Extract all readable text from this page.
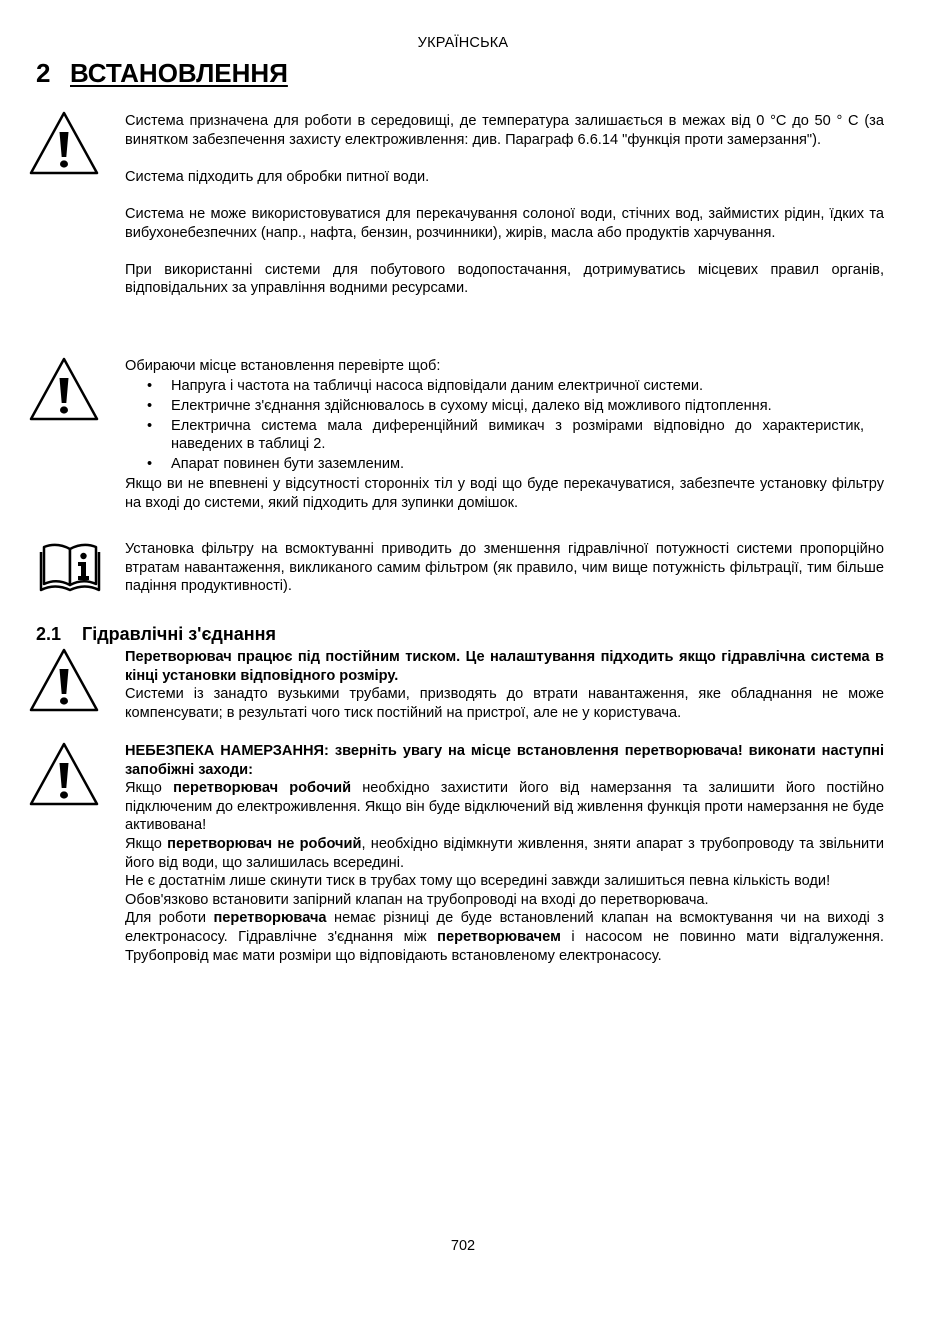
УКРАЇНСЬКА
2 ВСТАНОВЛЕННЯ

Система призначена для роботи в середовищі, де температура залишається в межах від 0 °C до 50 ° C (за винятком забезпечення захисту електроживлення: див. Параграф 6.6.14 "функція проти замерзання").

Система підходить для обробки питної води.

Система не може використовуватися для перекачування солоної води, стічних вод, займистих рідин, їдких та вибухонебезпечних (напр., нафта, бензин, розчинники), жирів, масла або продуктів харчування.

При використанні системи для побутового водопостачання, дотримуватись місцевих правил органів, відповідальних за управління водними ресурсами.

Обираючи місце встановлення перевірте щоб:

• Напруга і частота на табличці насоса відповідали даним електричної системи.
• Електричне з'єднання здійснювалось в сухому місці, далеко від можливого підтоплення.
• Електрична система мала диференційний вимикач з розмірами відповідно до характеристик, наведених в таблиці 2.
• Апарат повинен бути заземленим.

Якщо ви не впевнені у відсутності сторонніх тіл у воді що буде перекачуватися, забезпечте установку фільтру на вході до системи, який підходить для зупинки домішок.

Установка фільтру на всмоктуванні приводить до зменшення гідравлічної потужності системи пропорційно втратам навантаження, викликаного самим фільтром (як правило, чим вище потужність фільтрації, тим більше падіння продуктивності).

2.1 Гідравлічні з'єднання

Перетворювач працює під постійним тиском. Це налаштування підходить якщо гідравлічна система в кінці установки відповідного розміру.

Системи із занадто вузькими трубами, призводять до втрати навантаження, яке обладнання не може компенсувати; в результаті чого тиск постійний на пристрої, але не у користувача.

НЕБЕЗПЕКА НАМЕРЗАННЯ: зверніть увагу на місце встановлення перетворювача! виконати наступні запобіжні заходи:

Якщо перетворювач робочий необхідно захистити його від намерзання та залишити його постійно підключеним до електроживлення. Якщо він буде відключений від живлення функція проти намерзання не буде активована!

Якщо перетворювач не робочий, необхідно відімкнути живлення, зняти апарат з трубопроводу та звільнити його від води, що залишилась всередині.

Не є достатнім лише скинути тиск в трубах тому що всередині завжди залишиться певна кількість води!

Обов'язково встановити запірний клапан на трубопроводі на вході до перетворювача.

Для роботи перетворювача немає різниці де буде встановлений клапан на всмоктування чи на виході з електронасосу. Гідравлічне з'єднання між перетворювачем і насосом не повинно мати відгалуження. Трубопровід має мати розміри що відповідають встановленому електронасосу.

702
